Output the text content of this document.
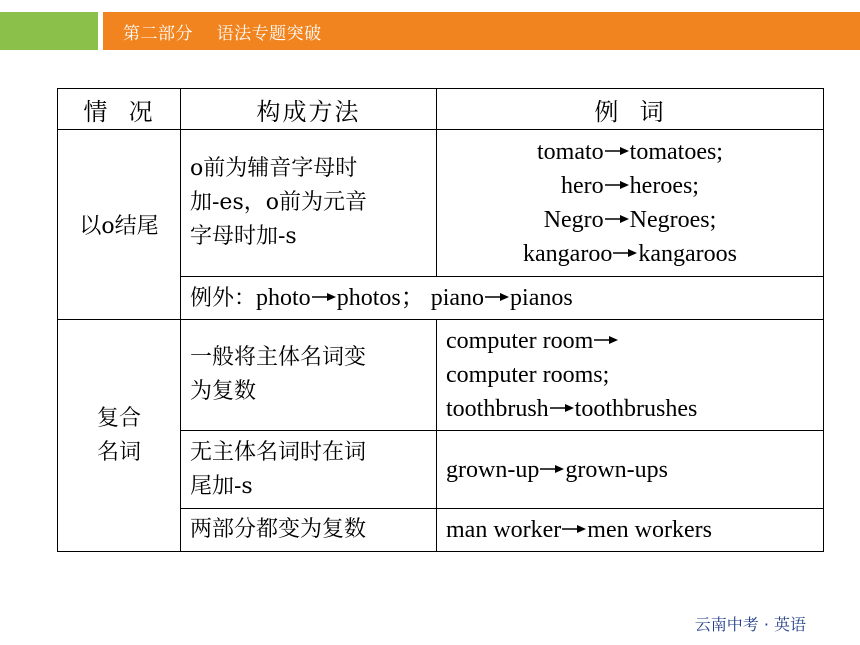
第二部分    语法专题突破
情  况	构成方法	例  词
以o结尾	o前为辅音字母时
加-es，o前为元音
字母时加-s	tomato tomatoes;
hero heroes;
Negro Negroes;
kangaroo kangaroos

	例外：photo photos； piano pianos	

复合
名词	一般将主体名词变
为复数	computer room
computer rooms;
toothbrush toothbrushes

	无主体名词时在词
尾加-s	grown-up grown-ups

	两部分都变为复数	man worker men workers
云南中考 · 英语
